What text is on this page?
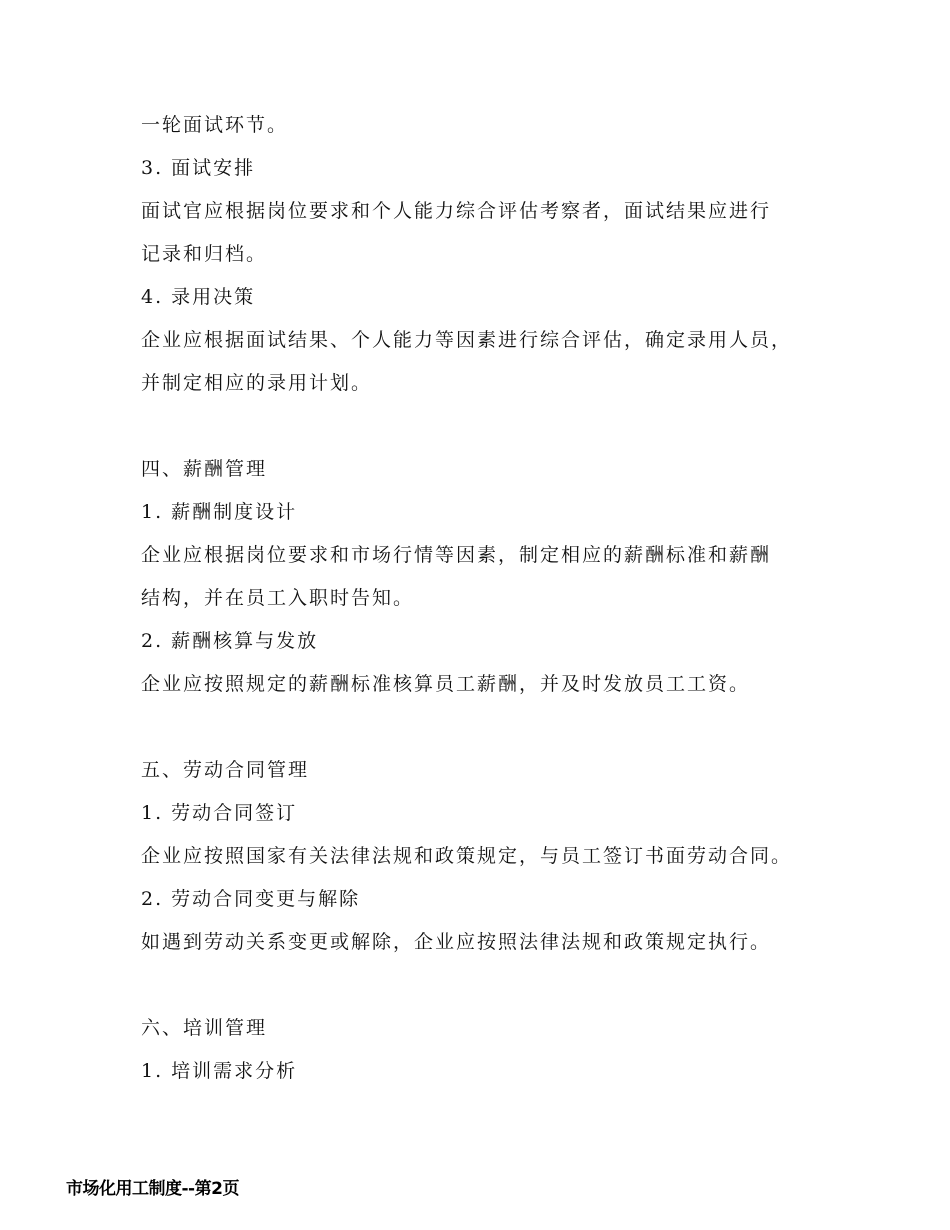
一轮面试环节。
3. 面试安排
面试官应根据岗位要求和个人能力综合评估考察者，面试结果应进行
记录和归档。
4. 录用决策
企业应根据面试结果、个人能力等因素进行综合评估，确定录用人员，
并制定相应的录用计划。
四、薪酬管理
1. 薪酬制度设计
企业应根据岗位要求和市场行情等因素，制定相应的薪酬标准和薪酬
结构，并在员工入职时告知。
2. 薪酬核算与发放
企业应按照规定的薪酬标准核算员工薪酬，并及时发放员工工资。
五、劳动合同管理
1. 劳动合同签订
企业应按照国家有关法律法规和政策规定，与员工签订书面劳动合同。
2. 劳动合同变更与解除
如遇到劳动关系变更或解除，企业应按照法律法规和政策规定执行。
六、培训管理
1. 培训需求分析
市场化用工制度--第2页
